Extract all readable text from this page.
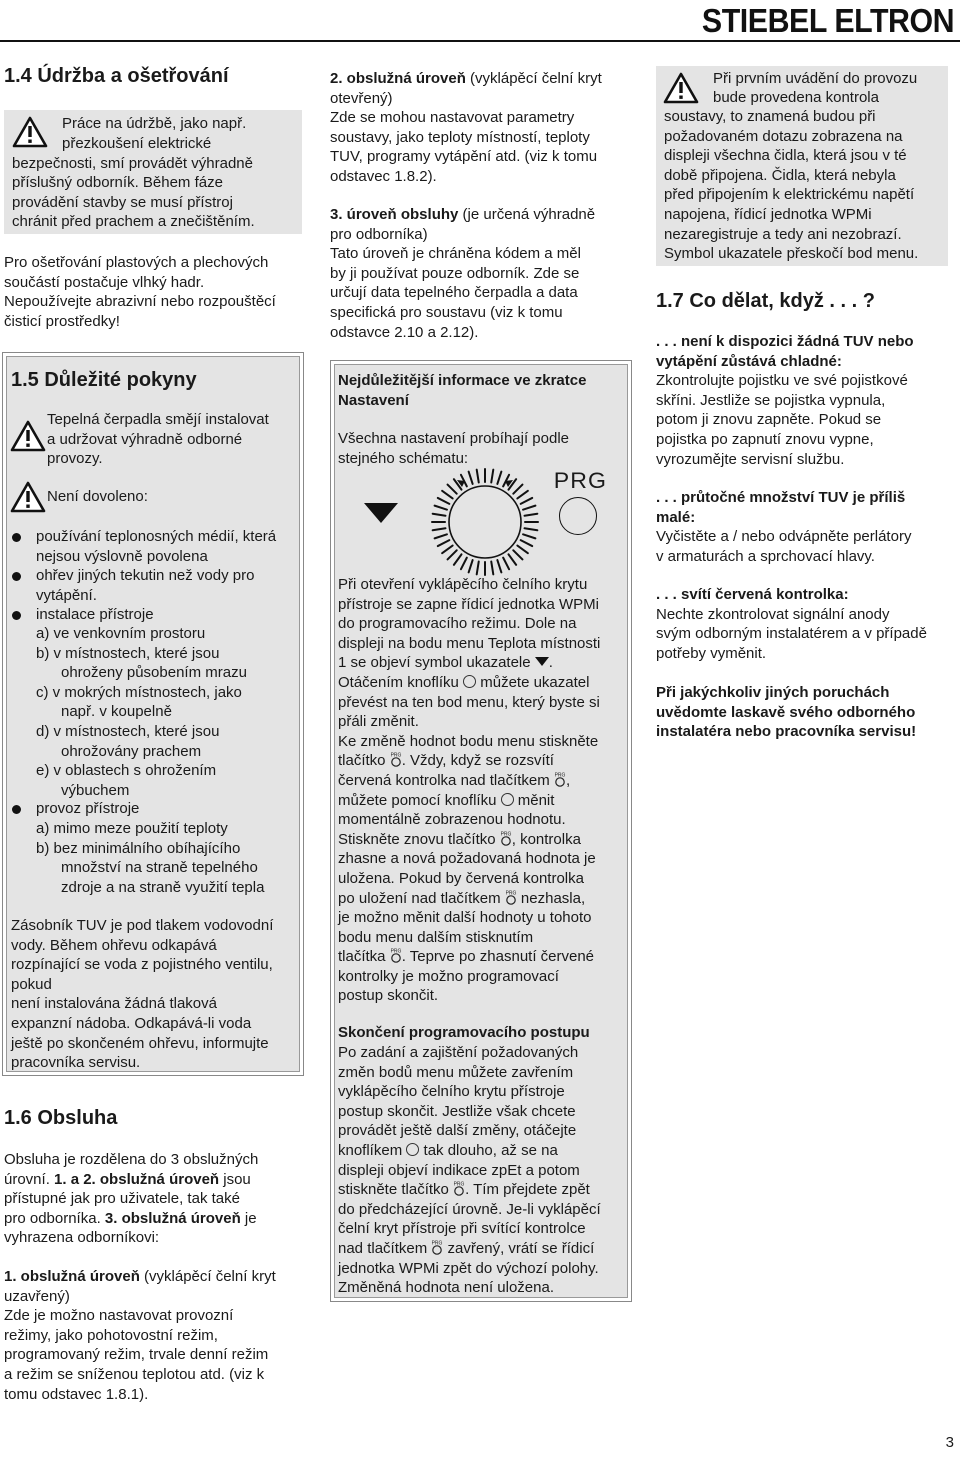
STIEBEL ELTRON
1.4 Údržba a ošetřování
Práce na údržbě, jako např.
přezkoušení elektrické
bezpečnosti, smí provádět výhradně
příslušný odborník. Během fáze
provádění stavby se musí přístroj
chránit před prachem a znečištěním.

Pro ošetřování plastových a plechových

součástí postačuje vlhký hadr.

Nepoužívejte abrazivní nebo rozpouštěcí

čisticí prostředky!

1.5 Důležité pokyny

Tepelná čerpadla smějí instalovat

a udržovat výhradně odborné

provozy.

Není dovoleno:
používání teplonosných médií, která
nejsou výslovně povolena
ohřev jiných tekutin než vody pro
vytápění.
instalace přístroje

a) ve venkovním prostoru

b) v místnostech, které jsou

ohroženy působením mrazu

c) v mokrých místnostech, jako

např. v koupelně

d) v místnostech, které jsou

ohrožovány prachem

e) v oblastech s ohrožením

výbuchem

provoz přístroje

a) mimo meze použití teploty

b) bez minimálního obíhajícího

množství na straně tepelného

zdroje a na straně využití tepla

Zásobník TUV je pod tlakem vodovodní

vody. Během ohřevu odkapává

rozpínající se voda z pojistného ventilu,

pokud

není instalována žádná tlaková

expanzní nádoba. Odkapává-li voda

ještě po skončeném ohřevu, informujte

pracovníka servisu.

1.6 Obsluha

Obsluha je rozdělena do 3 obslužných

úrovní. 1. a 2. obslužná úroveň jsou

přístupné jak pro uživatele, tak také

pro odborníka. 3. obslužná úroveň je

vyhrazena odborníkovi:

1. obslužná úroveň (vyklápěcí čelní kryt

uzavřený)

Zde je možno nastavovat provozní

režimy, jako pohotovostní režim,

programovaný režim, trvale denní režim

a režim se sníženou teplotou atd. (viz k

tomu odstavec 1.8.1).

2. obslužná úroveň (vyklápěcí čelní kryt

otevřený)

Zde se mohou nastavovat parametry

soustavy, jako teploty místností, teploty

TUV, programy vytápění atd. (viz k tomu

odstavec 1.8.2).

3. úroveň obsluhy (je určená výhradně

pro odborníka)

Tato úroveň je chráněna kódem a měl

by ji používat pouze odborník. Zde se

určují data tepelného čerpadla a data

specifická pro soustavu (viz k tomu

odstavce 2.10 a 2.12).

Nejdůležitější informace ve zkratce

Nastavení

Všechna nastavení probíhají podle

stejného schématu:

PRG

Při otevření vyklápěcího čelního krytu

přístroje se zapne řídicí jednotka WPMi

do programovacího režimu. Dole na

displeji na bodu menu Teplota místnosti

1 se objeví symbol ukazatele .

Otáčením knoflíku  můžete ukazatel

převést na ten bod menu, který byste si

přáli změnit.

Ke změně hodnot bodu menu stiskněte

tlačítko . Vždy, když se rozsvítí

červená kontrolka nad tlačítkem ,

můžete pomocí knoflíku  měnit

momentálně zobrazenou hodnotu.

Stiskněte znovu tlačítko , kontrolka

zhasne a nová požadovaná hodnota je

uložena. Pokud by červená kontrolka

po uložení nad tlačítkem  nezhasla,

je možno měnit další hodnoty u tohoto

bodu menu dalším stisknutím

tlačítka . Teprve po zhasnutí červené

kontrolky je možno programovací

postup skončit.

Skončení programovacího postupu

Po zadání a zajištění požadovaných

změn bodů menu můžete zavřením

vyklápěcího čelního krytu přístroje

postup skončit. Jestliže však chcete

provádět ještě další změny, otáčejte

knoflíkem  tak dlouho, až se na

displeji objeví indikace zpEt a potom

stiskněte tlačítko . Tím přejdete zpět

do předcházející úrovně. Je-li vyklápěcí

čelní kryt přístroje při svítící kontrolce

nad tlačítkem  zavřený, vrátí se řídicí

jednotka WPMi zpět do výchozí polohy.

Změněná hodnota není uložena.

Při prvním uvádění do provozu
bude provedena kontrola

soustavy, to znamená budou při

požadovaném dotazu zobrazena na

displeji všechna čidla, která jsou v té

době připojena. Čidla, která nebyla

před připojením k elektrickému napětí

napojena, řídicí jednotka WPMi

nezaregistruje a tedy ani nezobrazí.

Symbol ukazatele přeskočí bod menu.

1.7 Co dělat, když . . . ?

. . . není k dispozici žádná TUV nebo

vytápění zůstává chladné:

Zkontrolujte pojistku ve své pojistkové

skříni. Jestliže se pojistka vypnula,

potom ji znovu zapněte. Pokud se

pojistka po zapnutí znovu vypne,

vyrozumějte servisní službu.

. . . průtočné množství TUV je příliš

malé:

Vyčistěte a / nebo odvápněte perlátory

v armaturách a sprchovací hlavy.

. . . svítí červená kontrolka:

Nechte zkontrolovat signální anody

svým odborným instalatérem a v případě

potřeby vyměnit.

Při jakýchkoliv jiných poruchách

uvědomte laskavě svého odborného

instalatéra nebo pracovníka servisu!

3
